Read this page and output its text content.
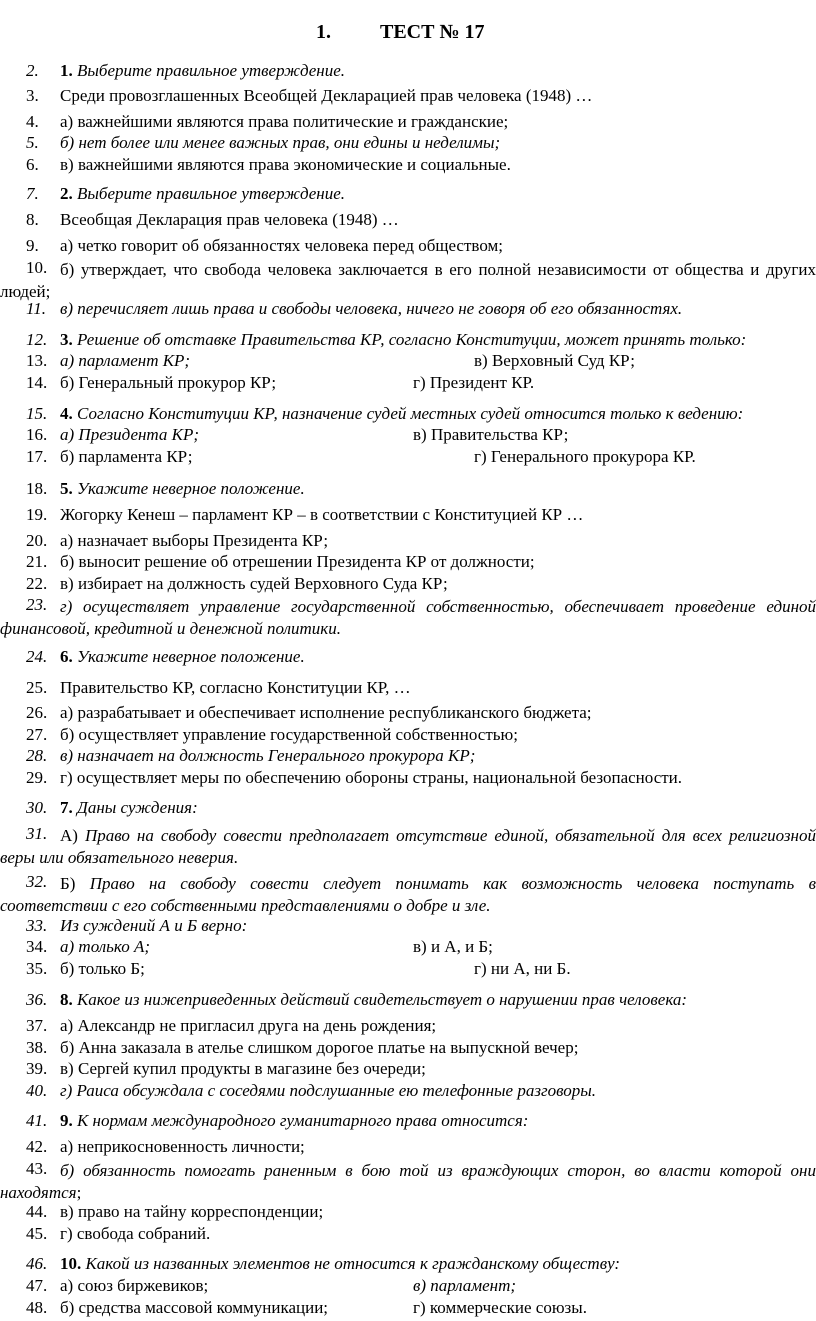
1. ТЕСТ № 17
2.	1. Выберите правильное утверждение.
3.	Среди провозглашенных Всеобщей Декларацией прав человека (1948) …
4.	а) важнейшими являются права политические и гражданские;
5.	б) нет более или менее важных прав, они едины и неделимы;
6.	в) важнейшими являются права экономические и социальные.
7.	2. Выберите правильное утверждение.
8.	Всеобщая Декларация прав человека (1948) …
9.	а) четко говорит об обязанностях человека перед обществом;
10. б) утверждает, что свобода человека заключается в его полной независимости от общества и других людей;

11. в) перечисляет лишь права и свободы человека, ничего не говоря об его обязанностях.
12. 3. Решение об отставке Правительства КР, согласно Конституции, может принять только:
13. а) парламент КР;	в) Верховный Суд КР;
14. б) Генеральный прокурор КР;	г) Президент КР.
15. 4. Согласно Конституции КР, назначение судей местных судей относится только к ведению:
16. а) Президента КР;	в) Правительства КР;
17. б) парламента КР;	г) Генерального прокурора КР.
18. 5. Укажите неверное положение.
19. Жогорку Кенеш – парламент КР – в соответствии с Конституцией КР …
20. а) назначает выборы Президента КР;
21. б) выносит решение об отрешении Президента КР от должности;
22. в) избирает на должность судей Верховного Суда КР;
23. г) осуществляет управление государственной собственностью, обеспечивает проведение единой финансовой, кредитной и денежной политики.

24. 6. Укажите неверное положение.
25. Правительство КР, согласно Конституции КР, …
26. а) разрабатывает и обеспечивает исполнение республиканского бюджета;
27. б) осуществляет управление государственной собственностью;
28. в) назначает на должность Генерального прокурора КР;
29. г) осуществляет меры по обеспечению обороны страны, национальной безопасности.
30. 7. Даны суждения:
31. А) Право на свободу совести предполагает отсутствие единой, обязательной для всех религиозной веры или обязательного неверия.

32. Б) Право на свободу совести следует понимать как возможность человека поступать в соответствии с его собственными представлениями о добре и зле.

33. Из суждений А и Б верно:
34. а) только А;	в) и А, и Б;
35. б) только Б;	г) ни А, ни Б.
36. 8. Какое из нижеприведенных действий свидетельствует о нарушении прав человека:
37. а) Александр не пригласил друга на день рождения;
38. б) Анна заказала в ателье слишком дорогое платье на выпускной вечер;
39. в) Сергей купил продукты в магазине без очереди;
40. г) Раиса обсуждала с соседями подслушанные ею телефонные разговоры.
41. 9. К нормам международного гуманитарного права относится:
42. а) неприкосновенность личности;
43. б) обязанность помогать раненным в бою той из враждующих сторон, во власти которой они находятся;

44. в) право на тайну корреспонденции;
45. г) свобода собраний.
46. 10. Какой из названных элементов не относится к гражданскому обществу:
47. а) союз биржевиков;	в) парламент;
48. б) средства массовой коммуникации;	г) коммерческие союзы.
